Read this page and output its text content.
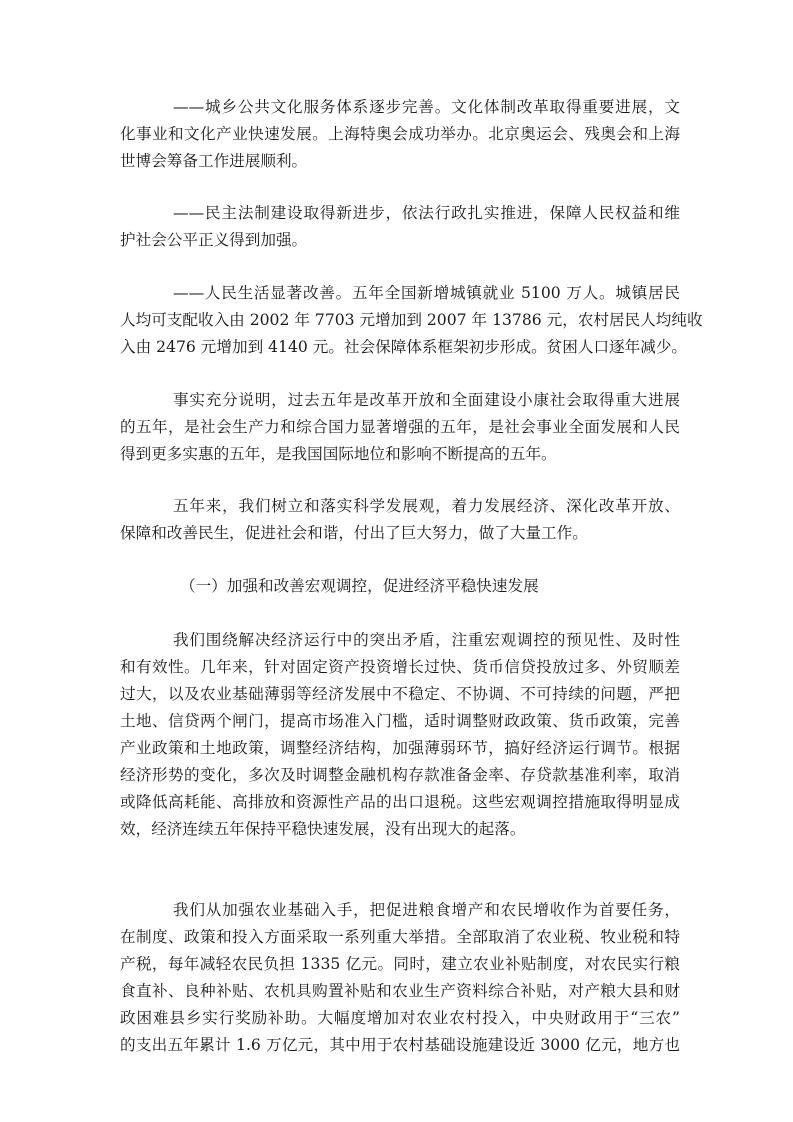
——城乡公共文化服务体系逐步完善。文化体制改革取得重要进展，文
化事业和文化产业快速发展。上海特奥会成功举办。北京奥运会、残奥会和上海
世博会筹备工作进展顺利。
——民主法制建设取得新进步，依法行政扎实推进，保障人民权益和维
护社会公平正义得到加强。
——人民生活显著改善。五年全国新增城镇就业 5100 万人。城镇居民
人均可支配收入由 2002 年 7703 元增加到 2007 年 13786 元，农村居民人均纯收
入由 2476 元增加到 4140 元。社会保障体系框架初步形成。贫困人口逐年减少。
事实充分说明，过去五年是改革开放和全面建设小康社会取得重大进展
的五年，是社会生产力和综合国力显著增强的五年，是社会事业全面发展和人民
得到更多实惠的五年，是我国国际地位和影响不断提高的五年。
五年来，我们树立和落实科学发展观，着力发展经济、深化改革开放、
保障和改善民生，促进社会和谐，付出了巨大努力，做了大量工作。
（一）加强和改善宏观调控，促进经济平稳快速发展
我们围绕解决经济运行中的突出矛盾，注重宏观调控的预见性、及时性
和有效性。几年来，针对固定资产投资增长过快、货币信贷投放过多、外贸顺差
过大，以及农业基础薄弱等经济发展中不稳定、不协调、不可持续的问题，严把
土地、信贷两个闸门，提高市场准入门槛，适时调整财政政策、货币政策，完善
产业政策和土地政策，调整经济结构，加强薄弱环节，搞好经济运行调节。根据
经济形势的变化，多次及时调整金融机构存款准备金率、存贷款基准利率，取消
或降低高耗能、高排放和资源性产品的出口退税。这些宏观调控措施取得明显成
效，经济连续五年保持平稳快速发展，没有出现大的起落。
我们从加强农业基础入手，把促进粮食增产和农民增收作为首要任务，
在制度、政策和投入方面采取一系列重大举措。全部取消了农业税、牧业税和特
产税，每年减轻农民负担 1335 亿元。同时，建立农业补贴制度，对农民实行粮
食直补、良种补贴、农机具购置补贴和农业生产资料综合补贴，对产粮大县和财
政困难县乡实行奖励补助。大幅度增加对农业农村投入，中央财政用于“三农”
的支出五年累计 1.6 万亿元，其中用于农村基础设施建设近 3000 亿元，地方也
